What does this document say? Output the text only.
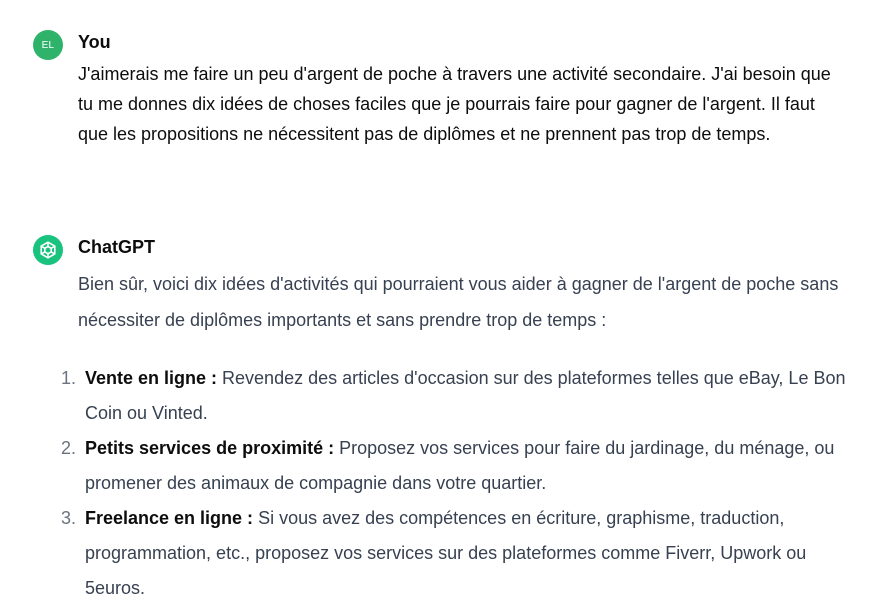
EL You

J'aimerais me faire un peu d'argent de poche à travers une activité secondaire. J'ai besoin que tu me donnes dix idées de choses faciles que je pourrais faire pour gagner de l'argent. Il faut que les propositions ne nécessitent pas de diplômes et ne prennent pas trop de temps.

ChatGPT

Bien sûr, voici dix idées d'activités qui pourraient vous aider à gagner de l'argent de poche sans nécessiter de diplômes importants et sans prendre trop de temps :

1. Vente en ligne : Revendez des articles d'occasion sur des plateformes telles que eBay, Le Bon Coin ou Vinted.
2. Petits services de proximité : Proposez vos services pour faire du jardinage, du ménage, ou promener des animaux de compagnie dans votre quartier.
3. Freelance en ligne : Si vous avez des compétences en écriture, graphisme, traduction, programmation, etc., proposez vos services sur des plateformes comme Fiverr, Upwork ou 5euros.
